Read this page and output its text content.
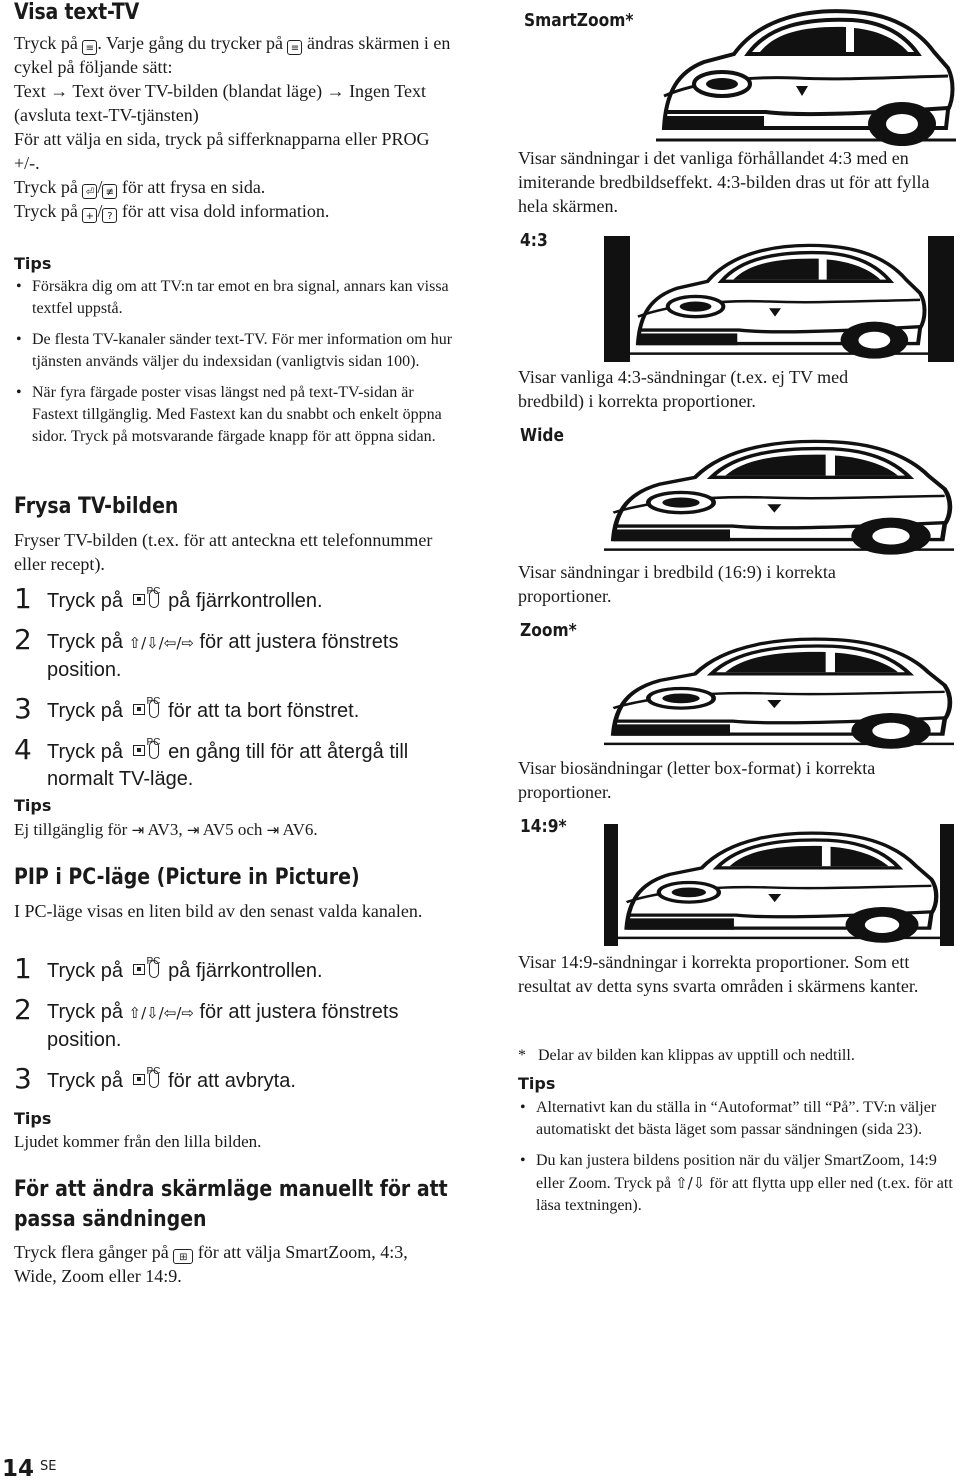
Visa text-TV
Tryck på ≡ . Varje gång du trycker på ≡ ändras skärmen i en cykel på följande sätt:
Text → Text över TV-bilden (blandat läge) → Ingen Text (avsluta text-TV-tjänsten)
För att välja en sida, tryck på sifferknapparna eller PROG +/-.
Tryck på ⏎ / ≢ för att frysa en sida.
Tryck på + / ? för att visa dold information.
Tips
• Försäkra dig om att TV:n tar emot en bra signal, annars kan vissa textfel uppstå.
• De flesta TV-kanaler sänder text-TV. För mer information om hur tjänsten används väljer du indexsidan (vanligtvis sidan 100).
• När fyra färgade poster visas längst ned på text-TV-sidan är Fastext tillgänglig. Med Fastext kan du snabbt och enkelt öppna sidor. Tryck på motsvarande färgade knapp för att öppna sidan.
Frysa TV-bilden
Fryser TV-bilden (t.ex. för att anteckna ett telefonnummer eller recept).
1 Tryck på PC på fjärrkontrollen.
2 Tryck på ⇧/⇩/⇦/⇨ för att justera fönstrets position.
3 Tryck på PC för att ta bort fönstret.
4 Tryck på PC en gång till för att återgå till normalt TV-läge.
Tips
Ej tillgänglig för ⇥ AV3, ⇥ AV5 och ⇥ AV6.
PIP i PC-läge (Picture in Picture)
I PC-läge visas en liten bild av den senast valda kanalen.
1 Tryck på PC på fjärrkontrollen.
2 Tryck på ⇧/⇩/⇦/⇨ för att justera fönstrets position.
3 Tryck på PC för att avbryta.
Tips
Ljudet kommer från den lilla bilden.
För att ändra skärmläge manuellt för att
passa sändningen
Tryck flera gånger på ⊞ för att välja SmartZoom, 4:3, Wide, Zoom eller 14:9.
14 $^{SE}$
SmartZoom*
Visar sändningar i det vanliga förhållandet 4:3 med en imiterande bredbildseffekt. 4:3-bilden dras ut för att fylla hela skärmen.
4:3
Visar vanliga 4:3-sändningar (t.ex. ej TV med bredbild) i korrekta proportioner.
Wide
Visar sändningar i bredbild (16:9) i korrekta proportioner.
Zoom*
Visar biosändningar (letter box-format) i korrekta proportioner.
14:9*
Visar 14:9-sändningar i korrekta proportioner. Som ett resultat av detta syns svarta områden i skärmens kanter.
* Delar av bilden kan klippas av upptill och nedtill.
Tips
• Alternativt kan du ställa in “Autoformat” till “På”. TV:n väljer automatiskt det bästa läget som passar sändningen (sida 23).
• Du kan justera bildens position när du väljer SmartZoom, 14:9 eller Zoom. Tryck på ⇧/⇩ för att flytta upp eller ned (t.ex. för att läsa textningen).
